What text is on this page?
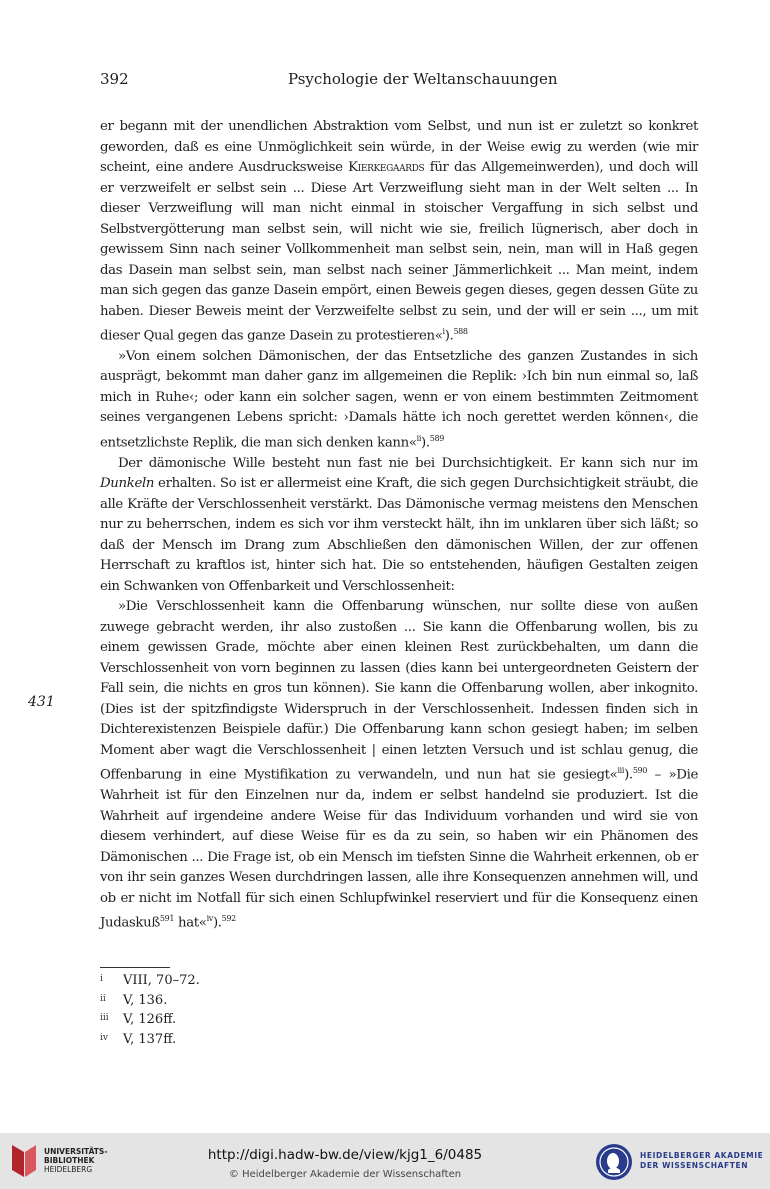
392	Psychologie der Weltanschauungen
431

er begann mit der unendlichen Abstraktion vom Selbst, und nun ist er zuletzt so konkret geworden, daß es eine Unmöglichkeit sein würde, in der Weise ewig zu werden (wie mir scheint, eine andere Ausdrucksweise Kierkegaards für das Allgemeinwerden), und doch will er verzweifelt er selbst sein ... Diese Art Verzweiflung sieht man in der Welt selten ... In dieser Verzweiflung will man nicht einmal in stoischer Vergaffung in sich selbst und Selbstvergötterung man selbst sein, will nicht wie sie, freilich lügnerisch, aber doch in gewissem Sinn nach seiner Vollkommenheit man selbst sein, nein, man will in Haß gegen das Dasein man selbst sein, man selbst nach seiner Jämmerlichkeit ... Man meint, indem man sich gegen das ganze Dasein empört, einen Beweis gegen dieses, gegen dessen Güte zu haben. Dieser Beweis meint der Verzweifelte selbst zu sein, und der will er sein ..., um mit dieser Qual gegen das ganze Dasein zu protestieren«$^i$).$^{588}$

»Von einem solchen Dämonischen, der das Entsetzliche des ganzen Zustandes in sich ausprägt, bekommt man daher ganz im allgemeinen die Replik: ›Ich bin nun einmal so, laß mich in Ruhe‹; oder kann ein solcher sagen, wenn er von einem bestimmten Zeitmoment seines vergangenen Lebens spricht: ›Damals hätte ich noch gerettet werden können‹, die entsetzlichste Replik, die man sich denken kann«$^{ii}$).$^{589}$

Der dämonische Wille besteht nun fast nie bei Durchsichtigkeit. Er kann sich nur im Dunkeln erhalten. So ist er allermeist eine Kraft, die sich gegen Durchsichtigkeit sträubt, die alle Kräfte der Verschlossenheit verstärkt. Das Dämonische vermag meistens den Menschen nur zu beherrschen, indem es sich vor ihm versteckt hält, ihn im unklaren über sich läßt; so daß der Mensch im Drang zum Abschließen den dämonischen Willen, der zur offenen Herrschaft zu kraftlos ist, hinter sich hat. Die so entstehenden, häufigen Gestalten zeigen ein Schwanken von Offenbarkeit und Verschlossenheit:

»Die Verschlossenheit kann die Offenbarung wünschen, nur sollte diese von außen zuwege gebracht werden, ihr also zustoßen ... Sie kann die Offenbarung wollen, bis zu einem gewissen Grade, möchte aber einen kleinen Rest zurückbehalten, um dann die Verschlossenheit von vorn beginnen zu lassen (dies kann bei untergeordneten Geistern der Fall sein, die nichts en gros tun können). Sie kann die Offenbarung wollen, aber inkognito. (Dies ist der spitzfindigste Widerspruch in der Verschlossenheit. Indessen finden sich in Dichterexistenzen Beispiele dafür.) Die Offenbarung kann schon gesiegt haben; im selben Moment aber wagt die Verschlossenheit | einen letzten Versuch und ist schlau genug, die Offenbarung in eine Mystifikation zu verwandeln, und nun hat sie gesiegt«$^{iii}$).$^{590}$ – »Die Wahrheit ist für den Einzelnen nur da, indem er selbst handelnd sie produziert. Ist die Wahrheit auf irgendeine andere Weise für das Individuum vorhanden und wird sie von diesem verhindert, auf diese Weise für es da zu sein, so haben wir ein Phänomen des Dämonischen ... Die Frage ist, ob ein Mensch im tiefsten Sinne die Wahrheit erkennen, ob er von ihr sein ganzes Wesen durchdringen lassen, alle ihre Konsequenzen annehmen will, und ob er nicht im Notfall für sich einen Schlupfwinkel reserviert und für die Konsequenz einen Judaskuß$^{591}$ hat«$^{iv}$).$^{592}$

i	VIII, 70–72.
ii	V, 136.
iii	V, 126ff.
iv	V, 137ff.
UNIVERSITÄTS-
BIBLIOTHEK
HEIDELBERG
http://digi.hadw-bw.de/view/kjg1_6/0485
© Heidelberger Akademie der Wissenschaften
HEIDELBERGER AKADEMIE
DER WISSENSCHAFTEN
